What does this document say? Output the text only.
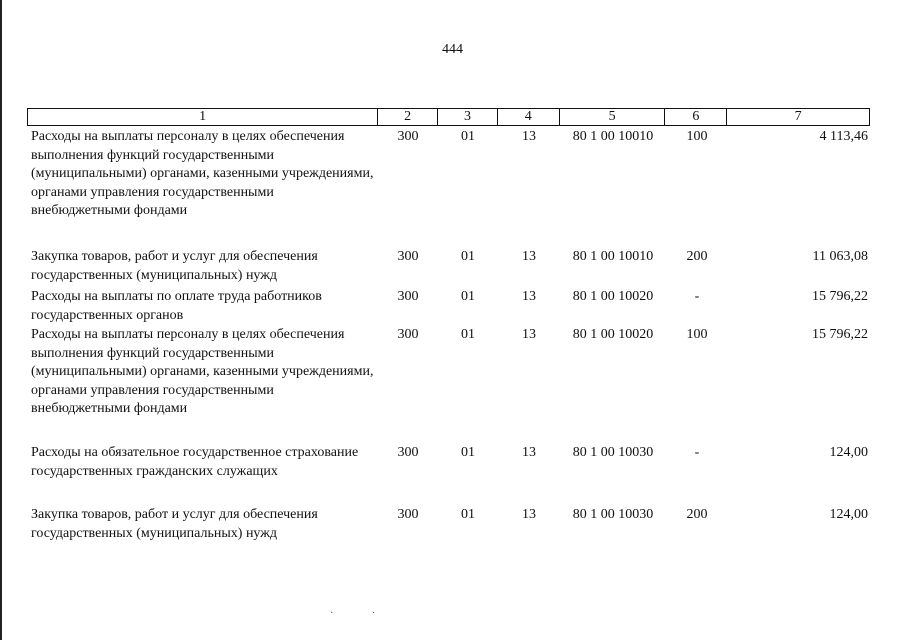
444
1	2	3	4	5	6	7
Расходы на выплаты персоналу в целях обеспечения выполнения функций государственными (муниципальными) органами, казенными учреждениями, органами управления государственными внебюджетными фондами
300	01	13	80 1 00 10010	100	4 113,46
Закупка товаров, работ и услуг для обеспечения государственных (муниципальных) нужд
300	01	13	80 1 00 10010	200	11 063,08
Расходы на выплаты по оплате труда работников государственных органов
300	01	13	80 1 00 10020	-	15 796,22
Расходы на выплаты персоналу в целях обеспечения выполнения функций государственными (муниципальными) органами, казенными учреждениями, органами управления государственными внебюджетными фондами
300	01	13	80 1 00 10020	100	15 796,22
Расходы на обязательное государственное страхование государственных гражданских служащих
300	01	13	80 1 00 10030	-	124,00
Закупка товаров, работ и услуг для обеспечения государственных (муниципальных) нужд
300	01	13	80 1 00 10030	200	124,00
· ·
